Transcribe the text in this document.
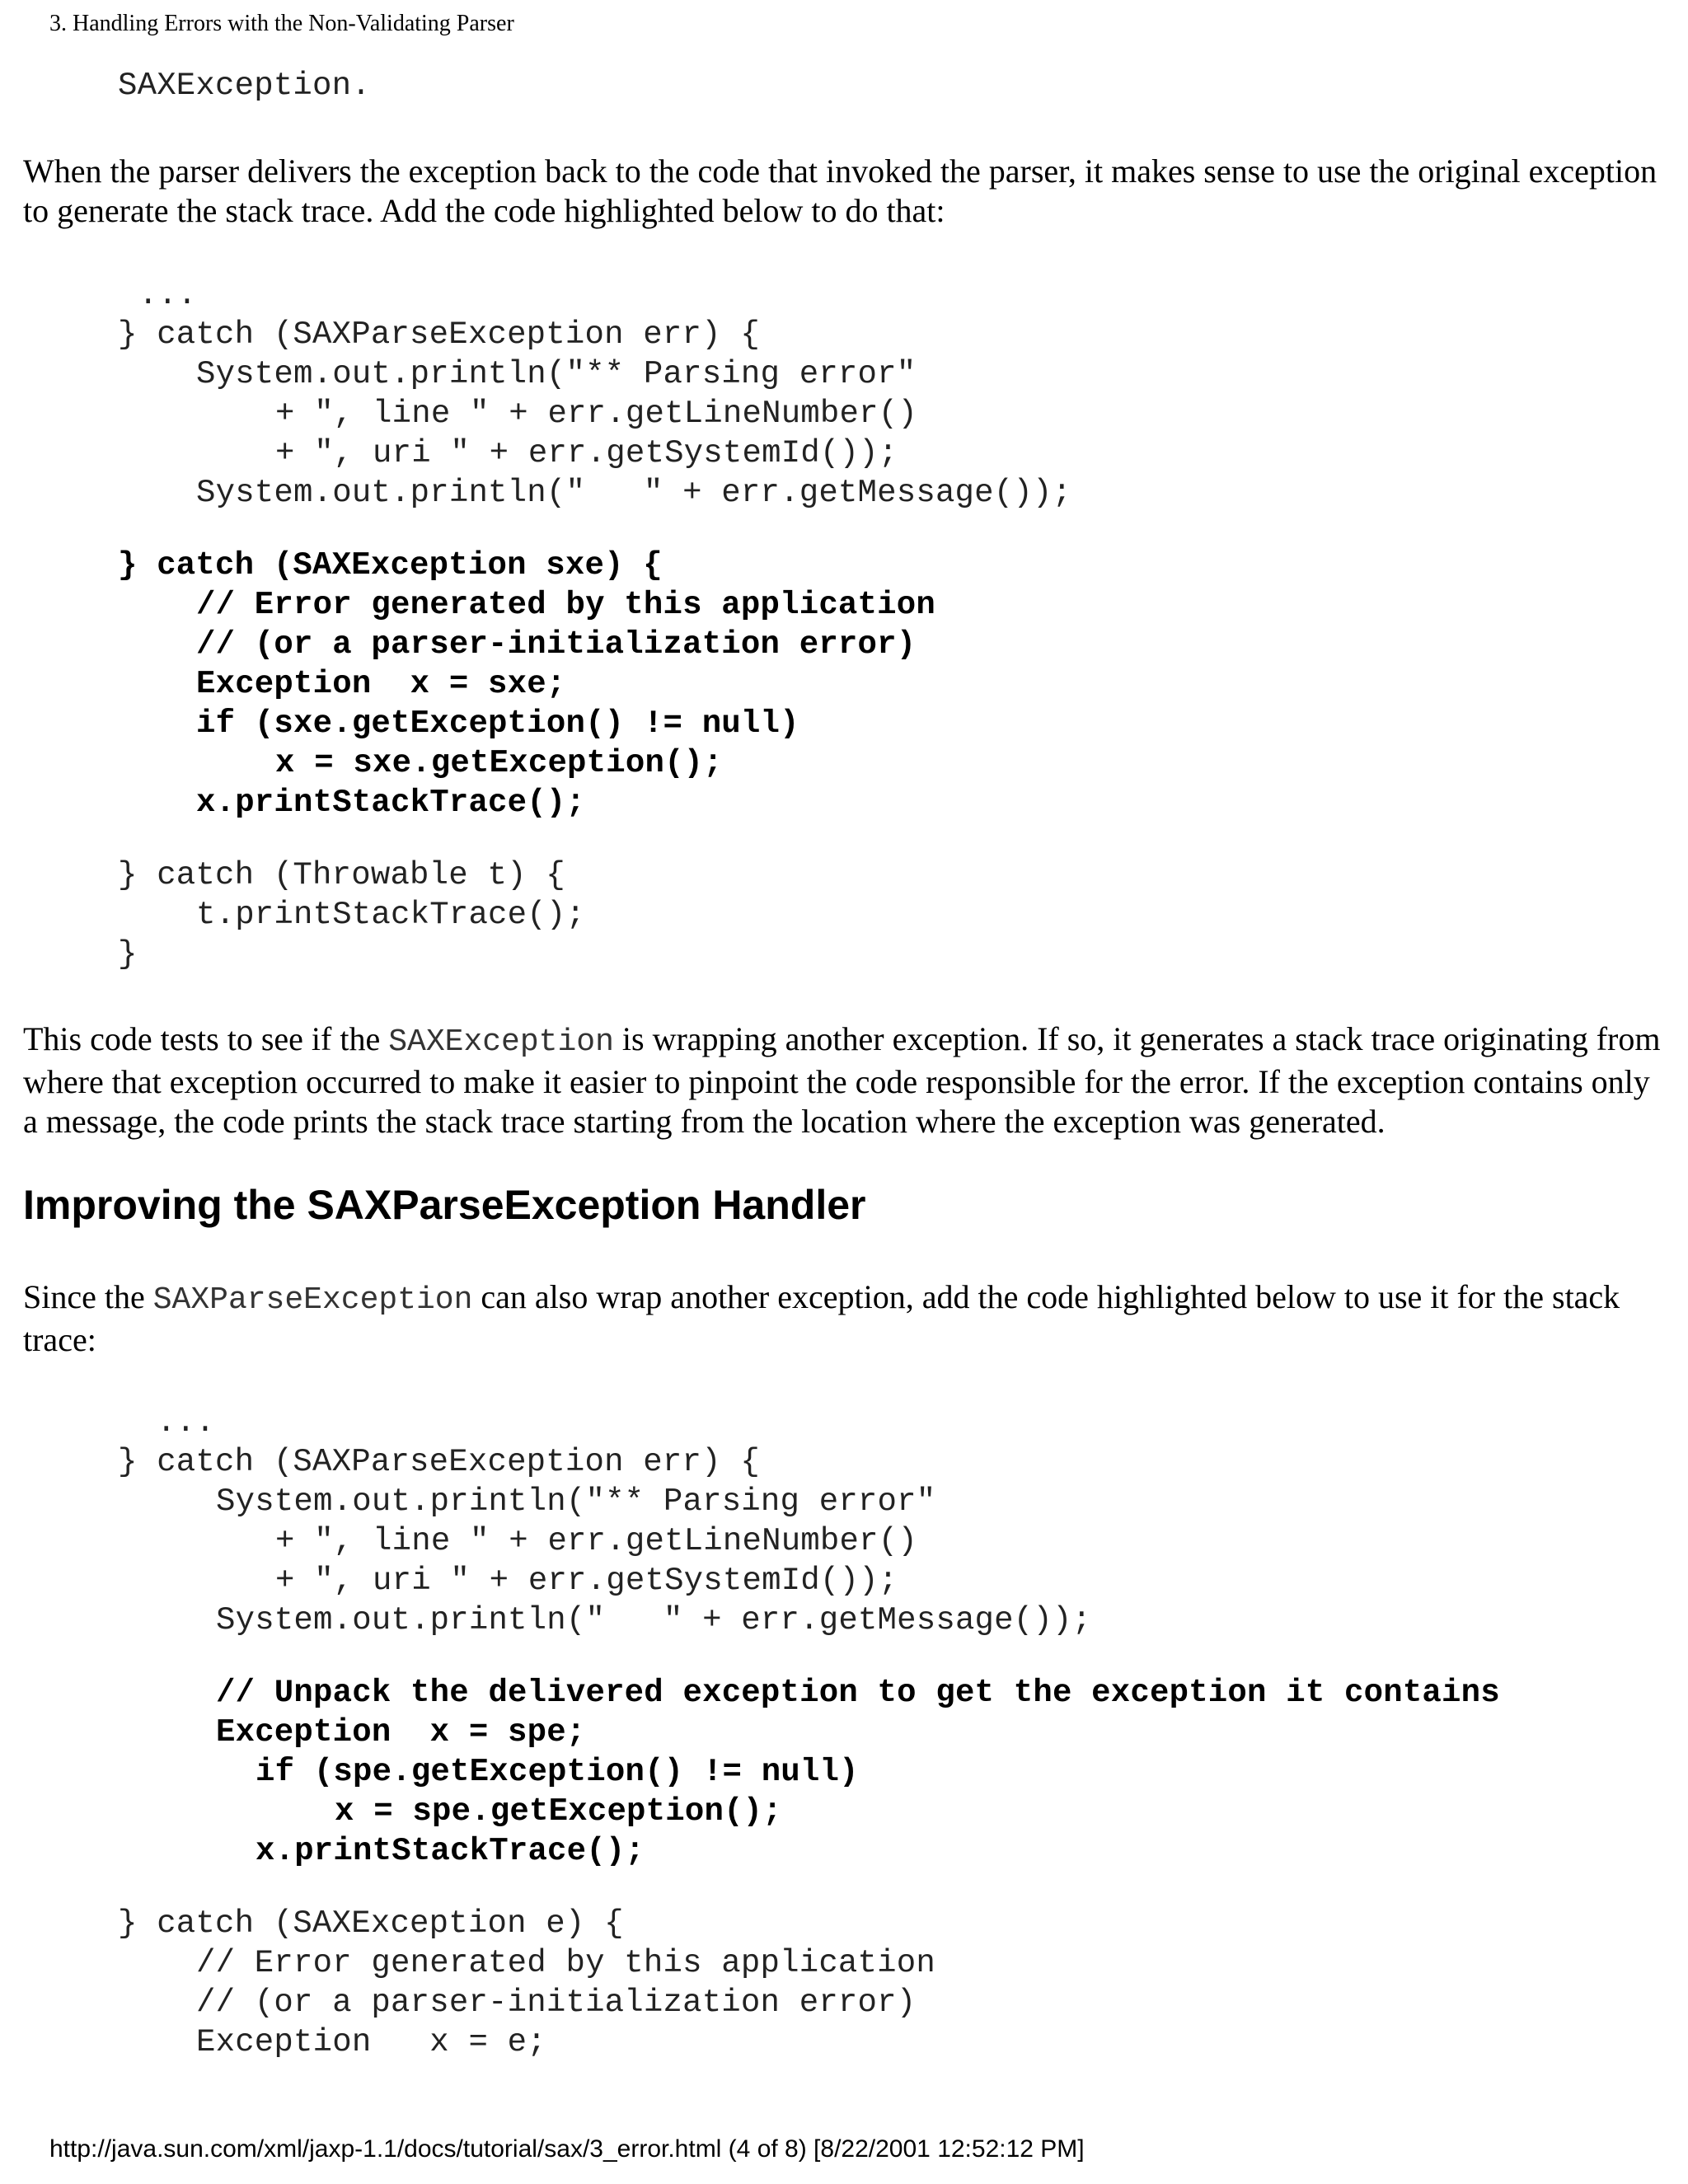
3. Handling Errors with the Non-Validating Parser
SAXException.

When the parser delivers the exception back to the code that invoked the parser, it makes sense to use the original exception to generate the stack trace. Add the code highlighted below to do that:

...
} catch (SAXParseException err) {
System.out.println("** Parsing error"
+ ", line " + err.getLineNumber()
+ ", uri " + err.getSystemId());
System.out.println("   " + err.getMessage());
} catch (SAXException sxe) {
// Error generated by this application
// (or a parser-initialization error)
Exception  x = sxe;
if (sxe.getException() != null)
x = sxe.getException();
x.printStackTrace();
} catch (Throwable t) {
t.printStackTrace();
}

This code tests to see if the SAXException is wrapping another exception. If so, it generates a stack trace originating from where that exception occurred to make it easier to pinpoint the code responsible for the error. If the exception contains only a message, the code prints the stack trace starting from the location where the exception was generated.

Improving the SAXParseException Handler

Since the SAXParseException can also wrap another exception, add the code highlighted below to use it for the stack trace:

...
} catch (SAXParseException err) {
System.out.println("** Parsing error"
+ ", line " + err.getLineNumber()
+ ", uri " + err.getSystemId());
System.out.println("   " + err.getMessage());
// Unpack the delivered exception to get the exception it contains
Exception  x = spe;
if (spe.getException() != null)
x = spe.getException();
x.printStackTrace();
} catch (SAXException e) {
// Error generated by this application
// (or a parser-initialization error)
Exception   x = e;
http://java.sun.com/xml/jaxp-1.1/docs/tutorial/sax/3_error.html (4 of 8) [8/22/2001 12:52:12 PM]
